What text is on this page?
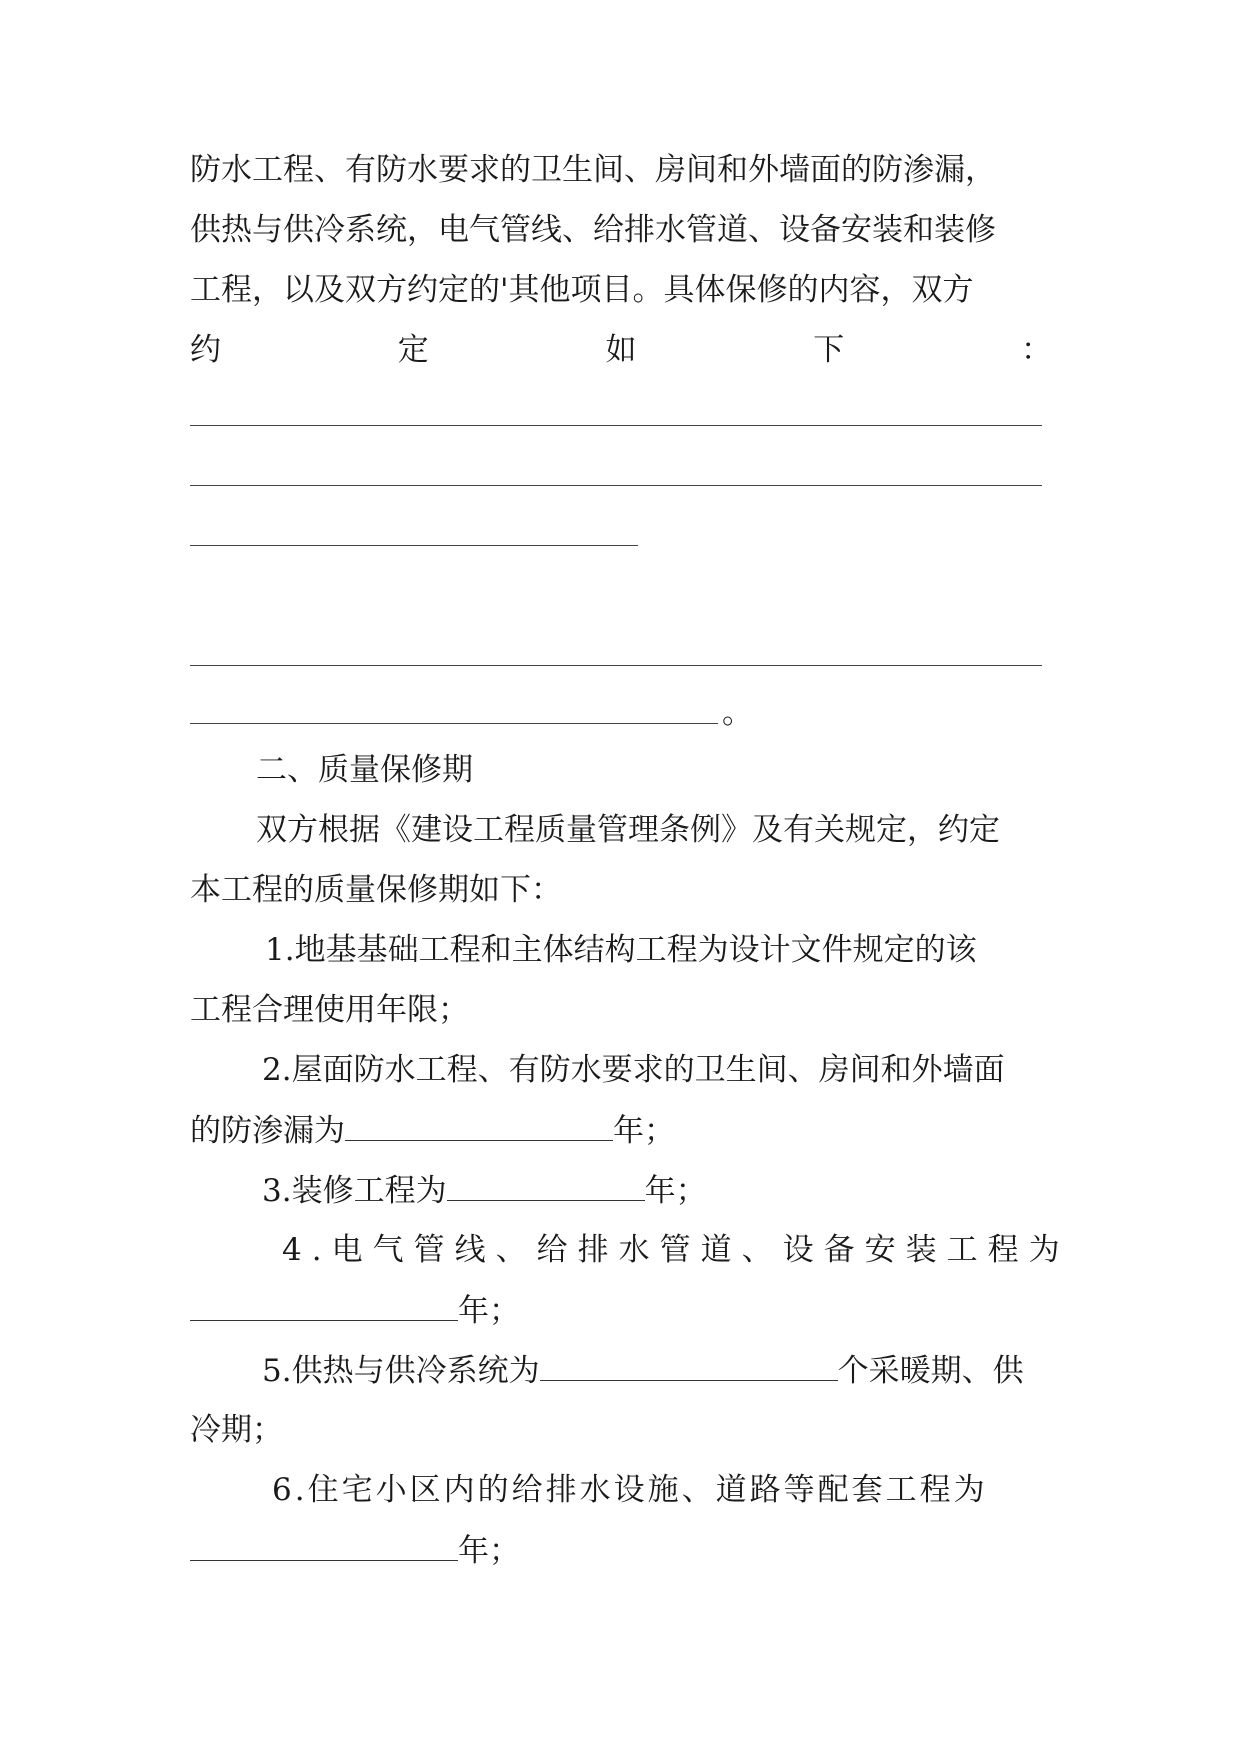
防水工程、有防水要求的卫生间、房间和外墙面的防渗漏，
供热与供冷系统，电气管线、给排水管道、设备安装和装修
工程，以及双方约定的'其他项目。具体保修的内容，双方
约	定	如	下	：
。
二、质量保修期
双方根据《建设工程质量管理条例》及有关规定，约定
本工程的质量保修期如下：
1.地基基础工程和主体结构工程为设计文件规定的该
工程合理使用年限；
2.屋面防水工程、有防水要求的卫生间、房间和外墙面
的防渗漏为	年；
3.装修工程为	年；
4.电气管线、给排水管道、设备安装工程为
年；
5.供热与供冷系统为	个采暖期、供
冷期；
6.住宅小区内的给排水设施、道路等配套工程为
年；
